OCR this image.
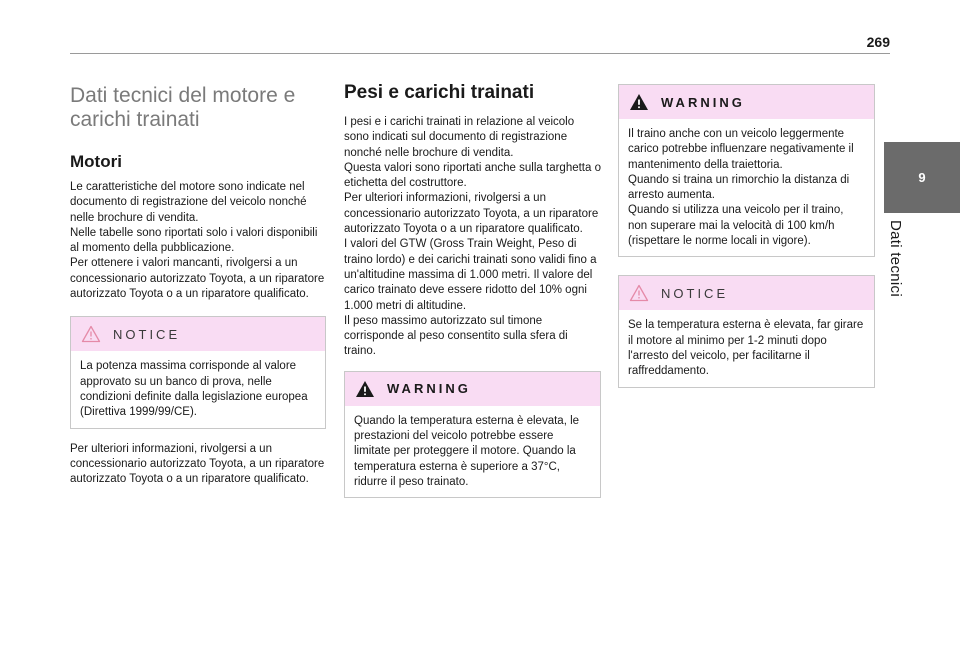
269
9
Dati tecnici
Dati tecnici del motore e carichi trainati
Motori

Le caratteristiche del motore sono indicate nel documento di registrazione del veicolo nonché nelle brochure di vendita.
Nelle tabelle sono riportati solo i valori disponibili al momento della pubblicazione.
Per ottenere i valori mancanti, rivolgersi a un concessionario autorizzato Toyota, a un riparatore autorizzato Toyota o a un riparatore qualificato.

NOTICE
La potenza massima corrisponde al valore approvato su un banco di prova, nelle condizioni definite dalla legislazione europea (Direttiva 1999/99/CE).

Per ulteriori informazioni, rivolgersi a un concessionario autorizzato Toyota, a un riparatore autorizzato Toyota o a un riparatore qualificato.

Pesi e carichi trainati

I pesi e i carichi trainati in relazione al veicolo sono indicati sul documento di registrazione nonché nelle brochure di vendita.
Questa valori sono riportati anche sulla targhetta o etichetta del costruttore.
Per ulteriori informazioni, rivolgersi a un concessionario autorizzato Toyota, a un riparatore autorizzato Toyota o a un riparatore qualificato.
I valori del GTW (Gross Train Weight, Peso di traino lordo) e dei carichi trainati sono validi fino a un'altitudine massima di 1.000 metri. Il valore del carico trainato deve essere ridotto del 10% ogni 1.000 metri di altitudine.
Il peso massimo autorizzato sul timone corrisponde al peso consentito sulla sfera di traino.

WARNING
Quando la temperatura esterna è elevata, le prestazioni del veicolo potrebbe essere limitate per proteggere il motore. Quando la temperatura esterna è superiore a 37°C, ridurre il peso trainato.
WARNING
Il traino anche con un veicolo leggermente carico potrebbe influenzare negativamente il mantenimento della traiettoria.
Quando si traina un rimorchio la distanza di arresto aumenta.
Quando si utilizza una veicolo per il traino, non superare mai la velocità di 100 km/h (rispettare le norme locali in vigore).
NOTICE
Se la temperatura esterna è elevata, far girare il motore al minimo per 1-2 minuti dopo l'arresto del veicolo, per facilitarne il raffreddamento.
